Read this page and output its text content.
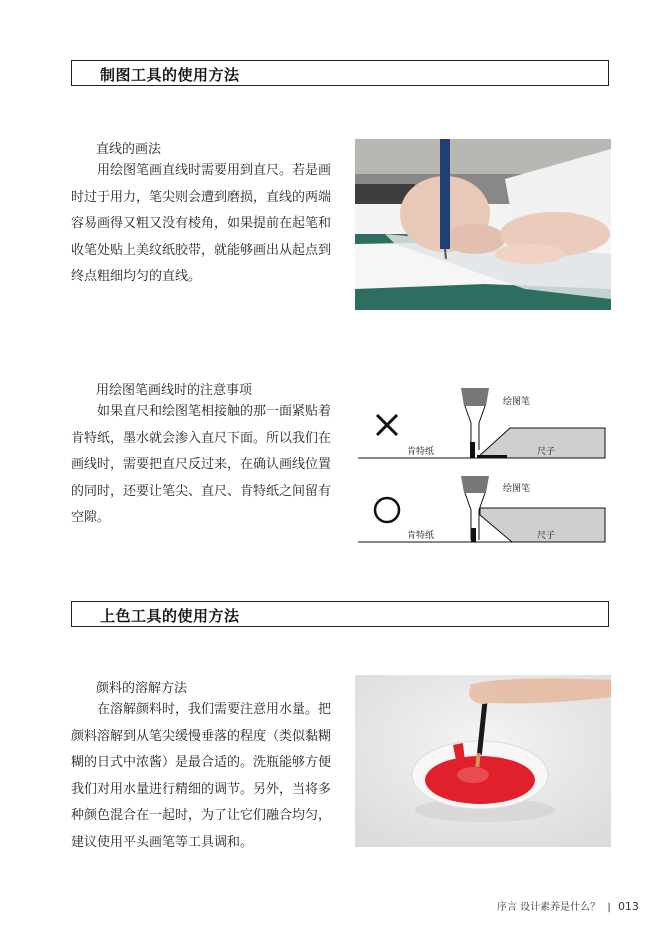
制图工具的使用方法
直线的画法
用绘图笔画直线时需要用到直尺。若是画时过于用力，笔尖则会遭到磨损，直线的两端容易画得又粗又没有棱角，如果提前在起笔和收笔处贴上美纹纸胶带，就能够画出从起点到终点粗细均匀的直线。
用绘图笔画线时的注意事项
如果直尺和绘图笔相接触的那一面紧贴着肯特纸，墨水就会渗入直尺下面。所以我们在画线时，需要把直尺反过来，在确认画线位置的同时，还要让笔尖、直尺、肯特纸之间留有空隙。
绘图笔
肯特纸	尺子
绘图笔
肯特纸	尺子
上色工具的使用方法
颜料的溶解方法
在溶解颜料时，我们需要注意用水量。把颜料溶解到从笔尖缓慢垂落的程度（类似黏糊糊的日式中浓酱）是最合适的。洗瓶能够方便我们对用水量进行精细的调节。另外，当将多种颜色混合在一起时，为了让它们融合均匀，建议使用平头画笔等工具调和。
序言 设计素养是什么？ | 013
